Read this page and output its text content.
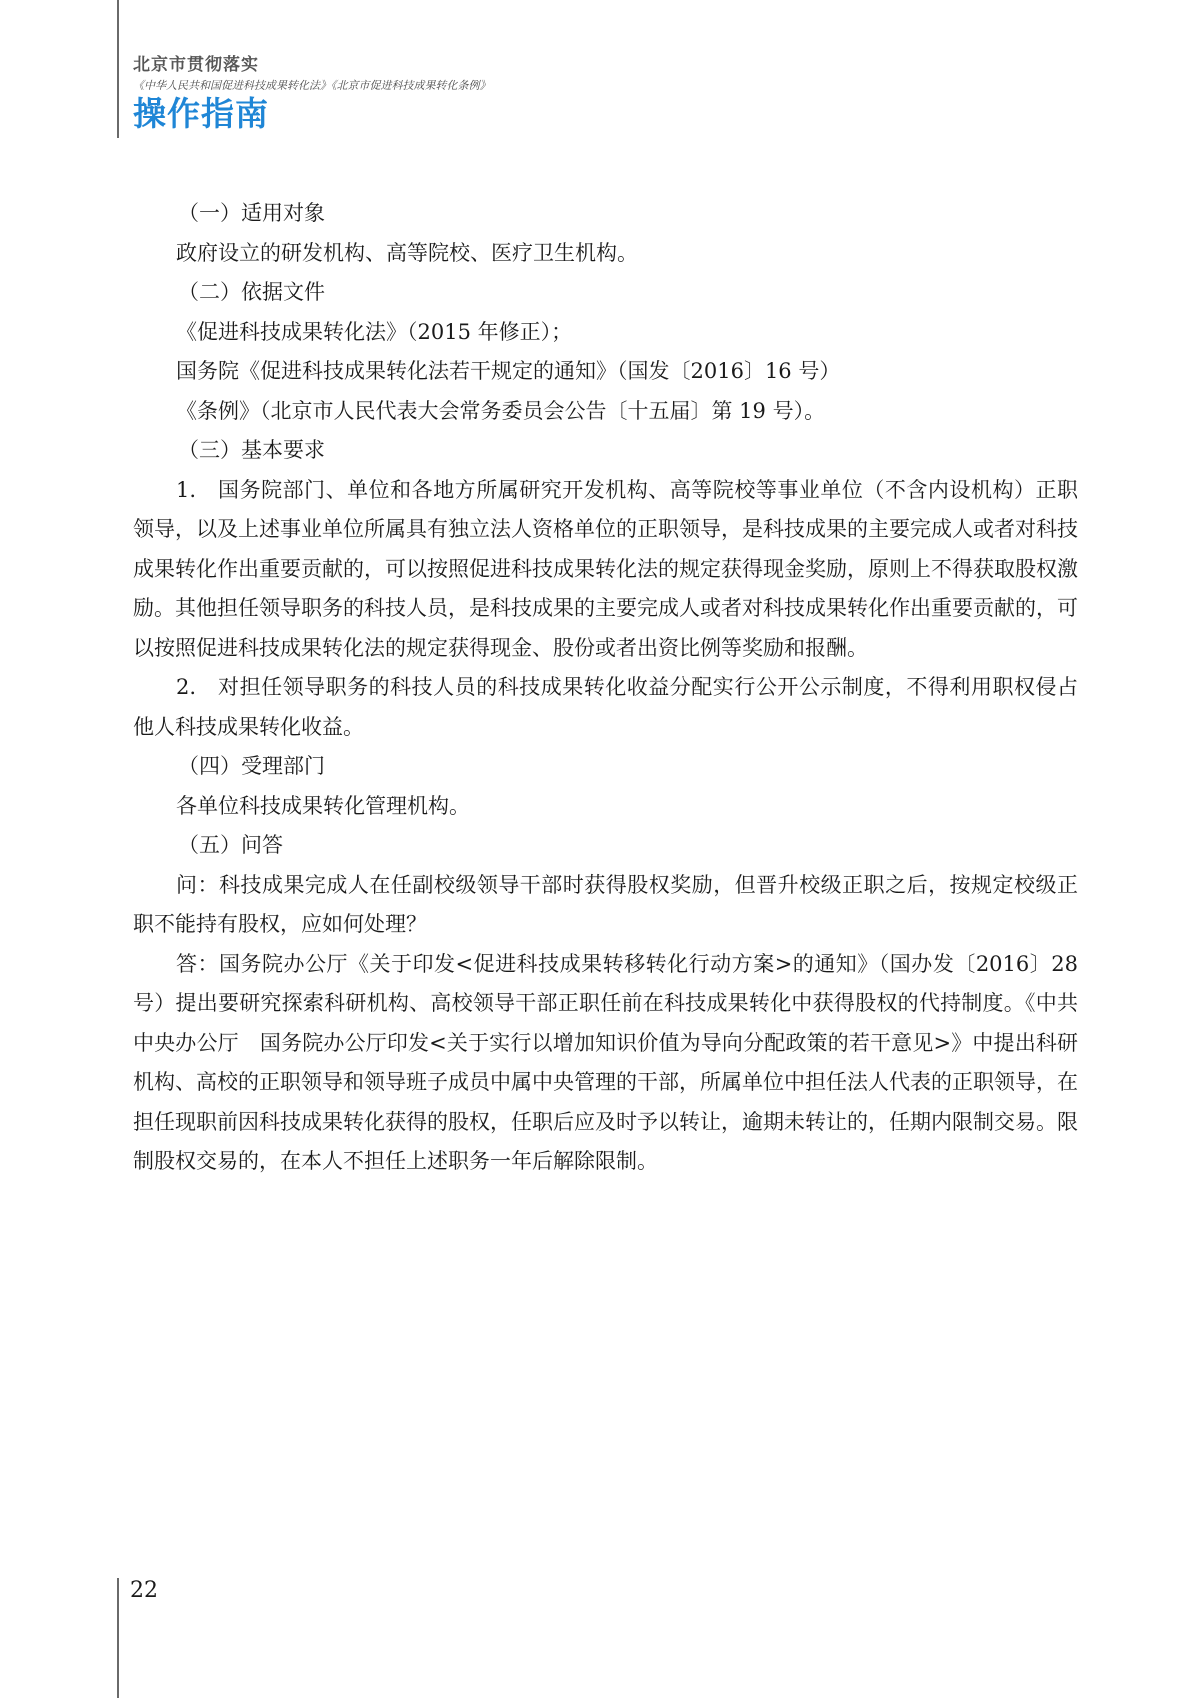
北京市贯彻落实
《中华人民共和国促进科技成果转化法》《北京市促进科技成果转化条例》
操作指南

（一）适用对象

政府设立的研发机构、高等院校、医疗卫生机构。

（二）依据文件

《促进科技成果转化法》（2015 年修正）；

国务院《促进科技成果转化法若干规定的通知》（国发〔2016〕16 号）

《条例》（北京市人民代表大会常务委员会公告〔十五届〕第 19 号）。

（三）基本要求

1.　国务院部门、单位和各地方所属研究开发机构、高等院校等事业单位（不含内设机构）正职领导，以及上述事业单位所属具有独立法人资格单位的正职领导，是科技成果的主要完成人或者对科技成果转化作出重要贡献的，可以按照促进科技成果转化法的规定获得现金奖励，原则上不得获取股权激励。其他担任领导职务的科技人员，是科技成果的主要完成人或者对科技成果转化作出重要贡献的，可以按照促进科技成果转化法的规定获得现金、股份或者出资比例等奖励和报酬。

2.　对担任领导职务的科技人员的科技成果转化收益分配实行公开公示制度，不得利用职权侵占他人科技成果转化收益。

（四）受理部门

各单位科技成果转化管理机构。

（五）问答

问：科技成果完成人在任副校级领导干部时获得股权奖励，但晋升校级正职之后，按规定校级正职不能持有股权，应如何处理？

答：国务院办公厅《关于印发<促进科技成果转移转化行动方案>的通知》（国办发〔2016〕28 号）提出要研究探索科研机构、高校领导干部正职任前在科技成果转化中获得股权的代持制度。《中共中央办公厅　国务院办公厅印发<关于实行以增加知识价值为导向分配政策的若干意见>》中提出科研机构、高校的正职领导和领导班子成员中属中央管理的干部，所属单位中担任法人代表的正职领导，在担任现职前因科技成果转化获得的股权，任职后应及时予以转让，逾期未转让的，任期内限制交易。限制股权交易的，在本人不担任上述职务一年后解除限制。

22
